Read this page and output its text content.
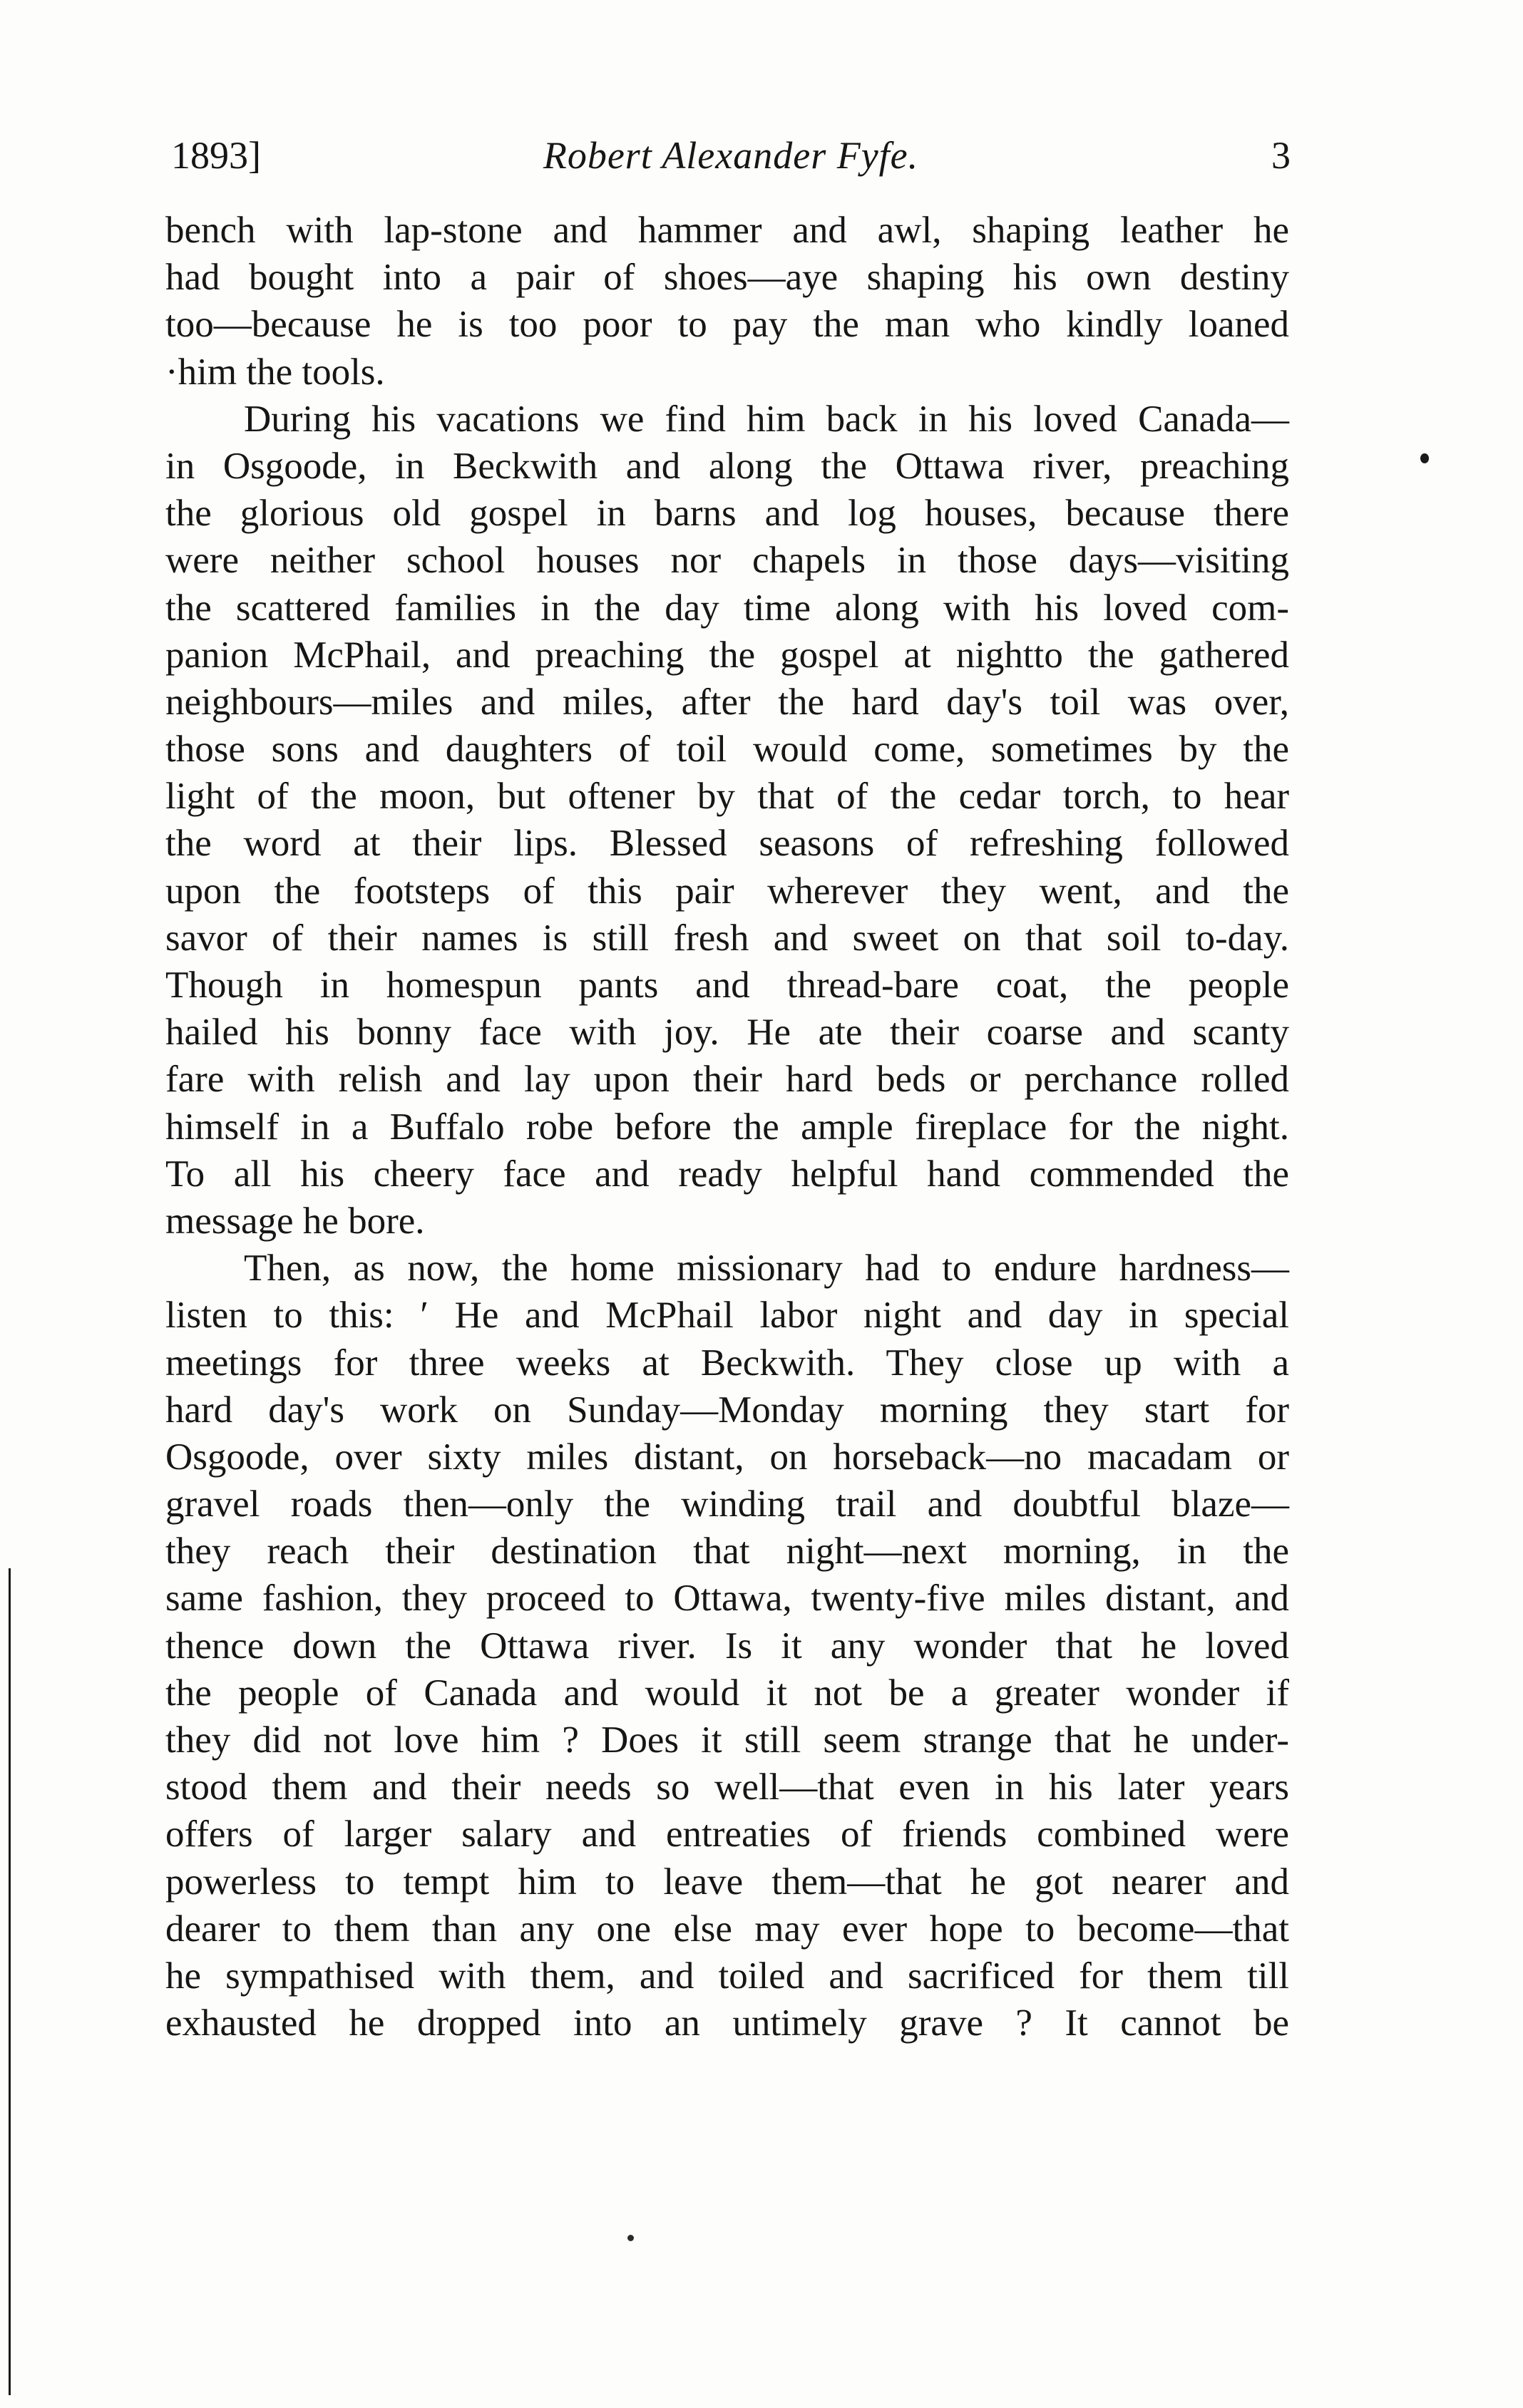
1893]	Robert Alexander Fyfe.	3
bench with lap-stone and hammer and awl, shaping leather he
had bought into a pair of shoes—aye shaping his own destiny
too—because he is too poor to pay the man who kindly loaned
·him the tools.
During his vacations we find him back in his loved Canada—
in Osgoode, in Beckwith and along the Ottawa river, preaching
the glorious old gospel in barns and log houses, because there
were neither school houses nor chapels in those days—visiting
the scattered families in the day time along with his loved com-
panion McPhail, and preaching the gospel at nightto the gathered
neighbours—miles and miles, after the hard day's toil was over,
those sons and daughters of toil would come, sometimes by the
light of the moon, but oftener by that of the cedar torch, to hear
the word at their lips. Blessed seasons of refreshing followed
upon the footsteps of this pair wherever they went, and the
savor of their names is still fresh and sweet on that soil to-day.
Though in homespun pants and thread-bare coat, the people
hailed his bonny face with joy. He ate their coarse and scanty
fare with relish and lay upon their hard beds or perchance rolled
himself in a Buffalo robe before the ample fireplace for the night.
To all his cheery face and ready helpful hand commended the
message he bore.
Then, as now, the home missionary had to endure hardness—
listen to this: ′ He and McPhail labor night and day in special
meetings for three weeks at Beckwith. They close up with a
hard day's work on Sunday—Monday morning they start for
Osgoode, over sixty miles distant, on horseback—no macadam or
gravel roads then—only the winding trail and doubtful blaze—
they reach their destination that night—next morning, in the
same fashion, they proceed to Ottawa, twenty-five miles distant, and
thence down the Ottawa river. Is it any wonder that he loved
the people of Canada and would it not be a greater wonder if
they did not love him ? Does it still seem strange that he under-
stood them and their needs so well—that even in his later years
offers of larger salary and entreaties of friends combined were
powerless to tempt him to leave them—that he got nearer and
dearer to them than any one else may ever hope to become—that
he sympathised with them, and toiled and sacrificed for them till
exhausted he dropped into an untimely grave ? It cannot be
